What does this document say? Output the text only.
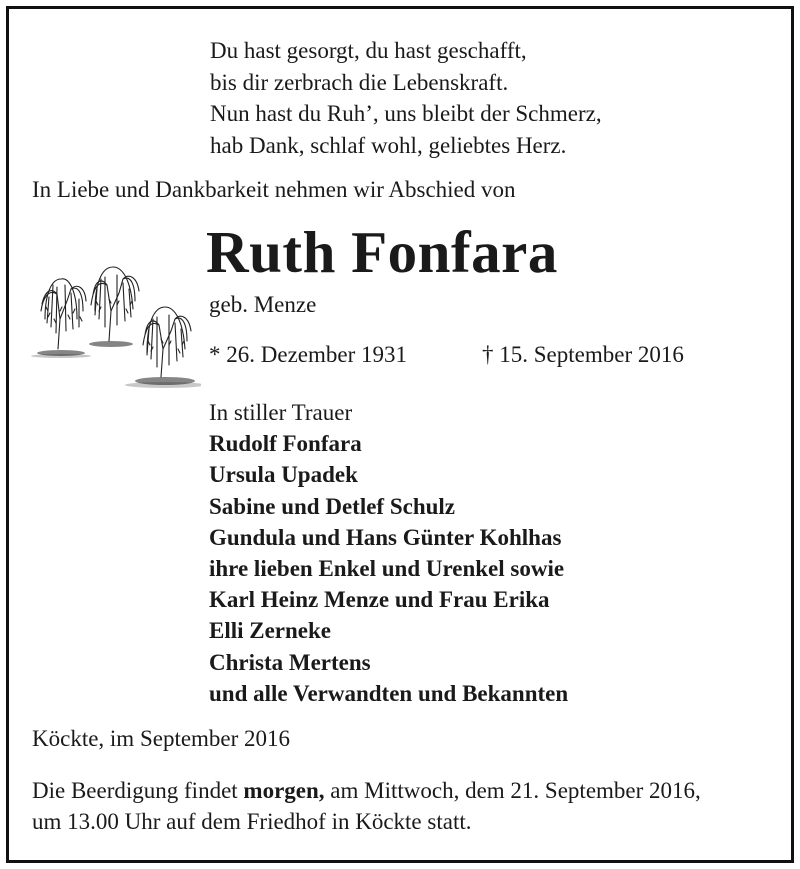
Du hast gesorgt, du hast geschafft,
bis dir zerbrach die Lebenskraft.
Nun hast du Ruh’, uns bleibt der Schmerz,
hab Dank, schlaf wohl, geliebtes Herz.
In Liebe und Dankbarkeit nehmen wir Abschied von
Ruth Fonfara
geb. Menze
* 26. Dezember 1931	† 15. September 2016
In stiller Trauer
Rudolf Fonfara
Ursula Upadek
Sabine und Detlef Schulz
Gundula und Hans Günter Kohlhas
ihre lieben Enkel und Urenkel sowie
Karl Heinz Menze und Frau Erika
Elli Zerneke
Christa Mertens
und alle Verwandten und Bekannten
Köckte, im September 2016
Die Beerdigung findet morgen, am Mittwoch, dem 21. September 2016,
um 13.00 Uhr auf dem Friedhof in Köckte statt.
